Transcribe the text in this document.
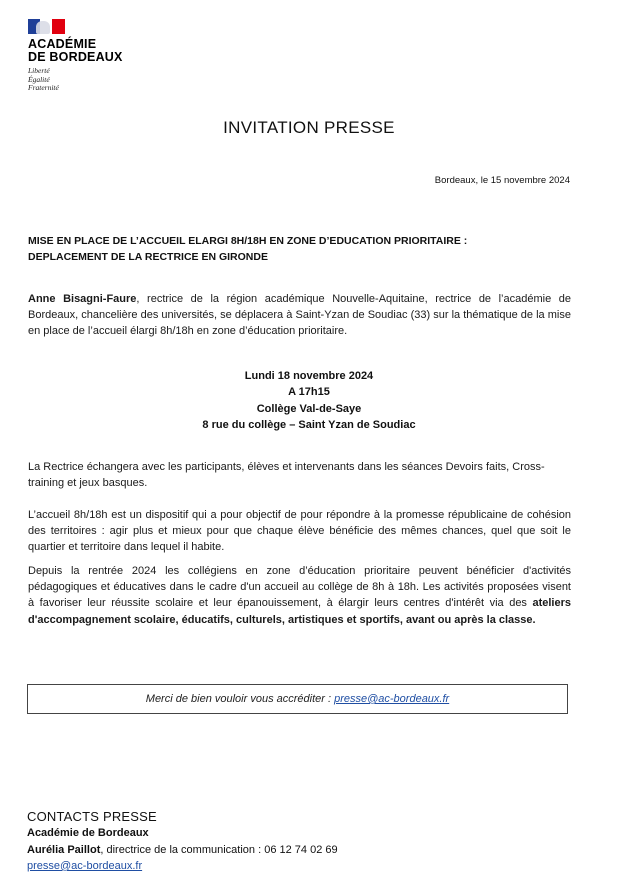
ACADÉMIE
DE BORDEAUX
Liberté
Égalité
Fraternité
INVITATION PRESSE
Bordeaux, le 15 novembre 2024
MISE EN PLACE DE L’ACCUEIL ELARGI 8H/18H EN ZONE D’EDUCATION PRIORITAIRE :
DEPLACEMENT DE LA RECTRICE EN GIRONDE
Anne Bisagni-Faure, rectrice de la région académique Nouvelle-Aquitaine, rectrice de l’académie de Bordeaux, chancelière des universités, se déplacera à Saint-Yzan de Soudiac (33) sur la thématique de la mise en place de l’accueil élargi 8h/18h en zone d’éducation prioritaire.
Lundi 18 novembre 2024
A 17h15
Collège Val-de-Saye
8 rue du collège – Saint Yzan de Soudiac
La Rectrice échangera avec les participants, élèves et intervenants dans les séances Devoirs faits, Cross-training et jeux basques.
L’accueil 8h/18h est un dispositif qui a pour objectif de pour répondre à la promesse républicaine de cohésion des territoires : agir plus et mieux pour que chaque élève bénéficie des mêmes chances, quel que soit le quartier et territoire dans lequel il habite.
Depuis la rentrée 2024 les collégiens en zone d’éducation prioritaire peuvent bénéficier d'activités pédagogiques et éducatives dans le cadre d'un accueil au collège de 8h à 18h. Les activités proposées visent à favoriser leur réussite scolaire et leur épanouissement, à élargir leurs centres d'intérêt via des ateliers d'accompagnement scolaire, éducatifs, culturels, artistiques et sportifs, avant ou après la classe.
Merci de bien vouloir vous accréditer : presse@ac-bordeaux.fr
CONTACTS PRESSE
Académie de Bordeaux
Aurélia Paillot, directrice de la communication : 06 12 74 02 69
presse@ac-bordeaux.fr
